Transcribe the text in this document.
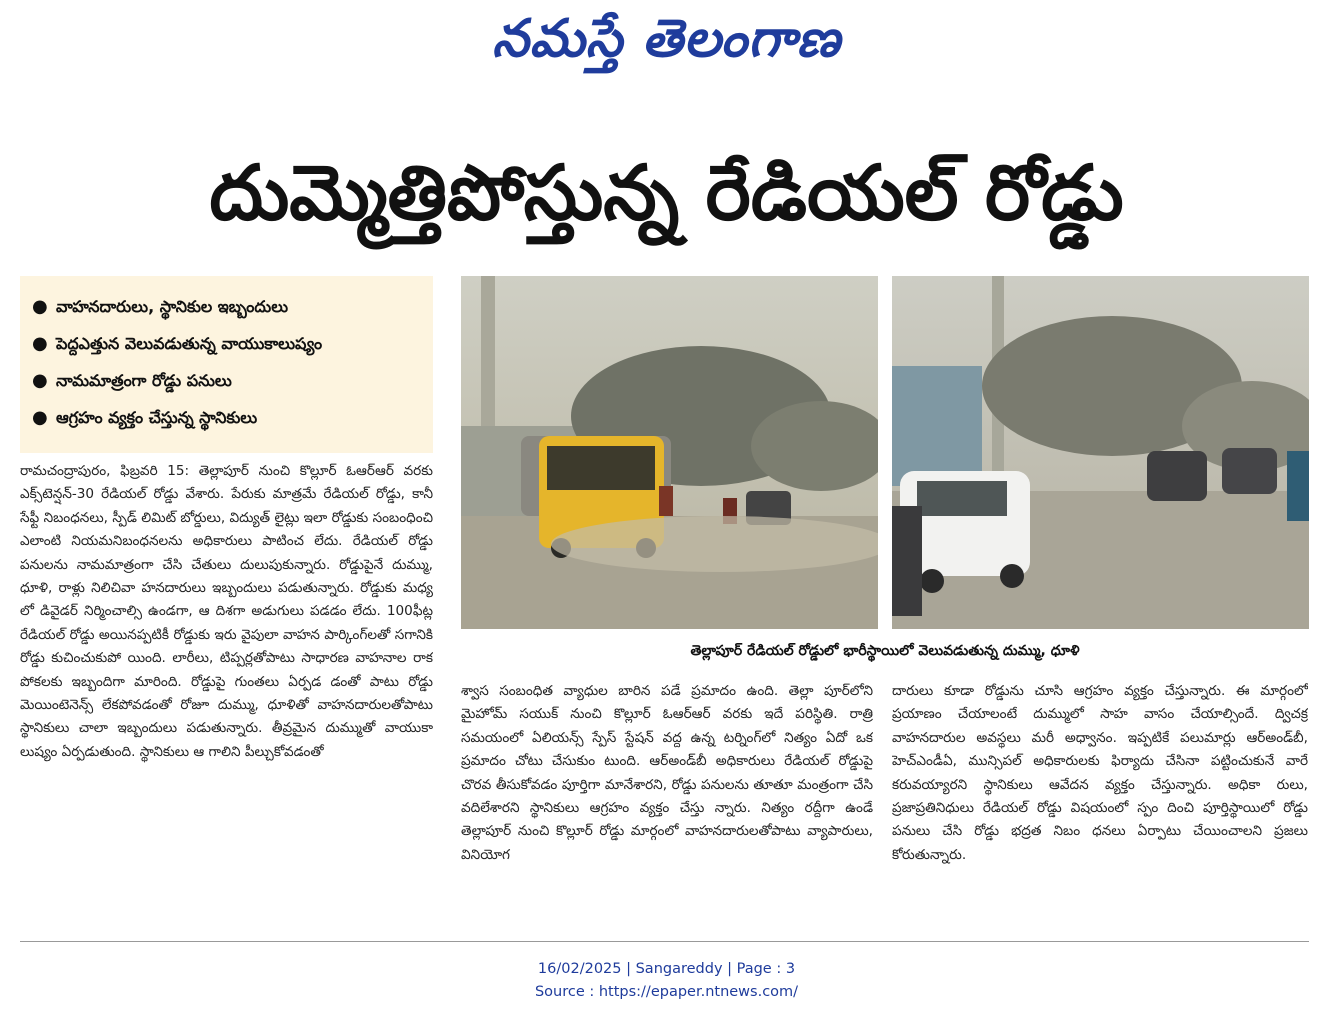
నమస్తే తెలంగాణ
దుమ్మెత్తిపోస్తున్న రేడియల్ రోడ్డు
● వాహనదారులు, స్థానికుల ఇబ్బందులు
● పెద్దఎత్తున వెలువడుతున్న వాయుకాలుష్యం
● నామమాత్రంగా రోడ్డు పనులు
● ఆగ్రహం వ్యక్తం చేస్తున్న స్థానికులు
రామచంద్రాపురం, ఫిబ్రవరి 15: తెల్లాపూర్ నుంచి కొల్లూర్ ఓఆర్ఆర్ వరకు ఎక్స్‌టెన్షన్-30 రేడియల్ రోడ్డు వేశారు. పేరుకు మాత్రమే రేడియల్ రోడ్డు, కానీ సేఫ్టీ నిబంధనలు, స్పీడ్ లిమిట్ బోర్డులు, విద్యుత్ లైట్లు ఇలా రోడ్డుకు సంబంధించి ఎలాంటి నియమనిబంధనలను అధికారులు పాటించ లేదు. రేడియల్ రోడ్డు పనులను నామమాత్రంగా చేసి చేతులు దులుపుకున్నారు. రోడ్డుపైనే దుమ్ము, ధూళి, రాళ్లు నిలిచివా హనదారులు ఇబ్బందులు పడుతున్నారు. రోడ్డుకు మధ్య లో డివైడర్ నిర్మించాల్సి ఉండగా, ఆ దిశగా అడుగులు పడడం లేదు. 100ఫీట్ల రేడియల్ రోడ్డు అయినప్పటికీ రోడ్డుకు ఇరు వైపులా వాహన పార్కింగ్‌లతో సగానికి రోడ్డు కుచించుకుపో యింది. లారీలు, టిప్పర్లతోపాటు సాధారణ వాహనాల రాక పోకలకు ఇబ్బందిగా మారింది. రోడ్డుపై గుంతలు ఏర్పడ డంతో పాటు రోడ్డు మెయింటెనెన్స్ లేకపోవడంతో రోజూ దుమ్ము, ధూళితో వాహనదారులతోపాటు స్థానికులు చాలా ఇబ్బందులు పడుతున్నారు. తీవ్రమైన దుమ్ముతో వాయుకా లుష్యం ఏర్పడుతుంది. స్థానికులు ఆ గాలిని పీల్చుకోవడంతో
తెల్లాపూర్ రేడియల్ రోడ్డులో భారీస్థాయిలో వెలువడుతున్న దుమ్ము, ధూళి
శ్వాస సంబంధిత వ్యాధుల బారిన పడే ప్రమాదం ఉంది. తెల్లా పూర్‌లోని మైహోమ్ సయుక్ నుంచి కొల్లూర్ ఓఆర్ఆర్ వరకు ఇదే పరిస్థితి. రాత్రి సమయంలో ఏలియన్స్ స్పేస్ స్టేషన్ వద్ద ఉన్న టర్నింగ్‌లో నిత్యం ఏదో ఒక ప్రమాదం చోటు చేసుకుం టుంది. ఆర్అండ్‌బీ అధికారులు రేడియల్ రోడ్డుపై చొరవ తీసుకోవడం పూర్తిగా మానేశారని, రోడ్డు పనులను తూతూ మంత్రంగా చేసి వదిలేశారని స్థానికులు ఆగ్రహం వ్యక్తం చేస్తు న్నారు. నిత్యం రద్దీగా ఉండే తెల్లాపూర్ నుంచి కొల్లూర్ రోడ్డు మార్గంలో వాహనదారులతోపాటు వ్యాపారులు, వినియోగ
దారులు కూడా రోడ్డును చూసి ఆగ్రహం వ్యక్తం చేస్తున్నారు. ఈ మార్గంలో ప్రయాణం చేయాలంటే దుమ్ములో సాహ వాసం చేయాల్సిందే. ద్విచక్ర వాహనదారుల అవస్థలు మరీ అధ్వానం. ఇప్పటికే పలుమార్లు ఆర్అండ్‌బీ, హెచ్ఎండీఏ, మున్సిపల్ అధికారులకు ఫిర్యాదు చేసినా పట్టించుకునే వారే కరువయ్యారని స్థానికులు ఆవేదన వ్యక్తం చేస్తున్నారు. అధికా రులు, ప్రజాప్రతినిధులు రేడియల్ రోడ్డు విషయంలో స్పం దించి పూర్తిస్థాయిలో రోడ్డు పనులు చేసి రోడ్డు భద్రత నిబం ధనలు ఏర్పాటు చేయించాలని ప్రజలు కోరుతున్నారు.
16/02/2025 | Sangareddy | Page : 3
Source : https://epaper.ntnews.com/
